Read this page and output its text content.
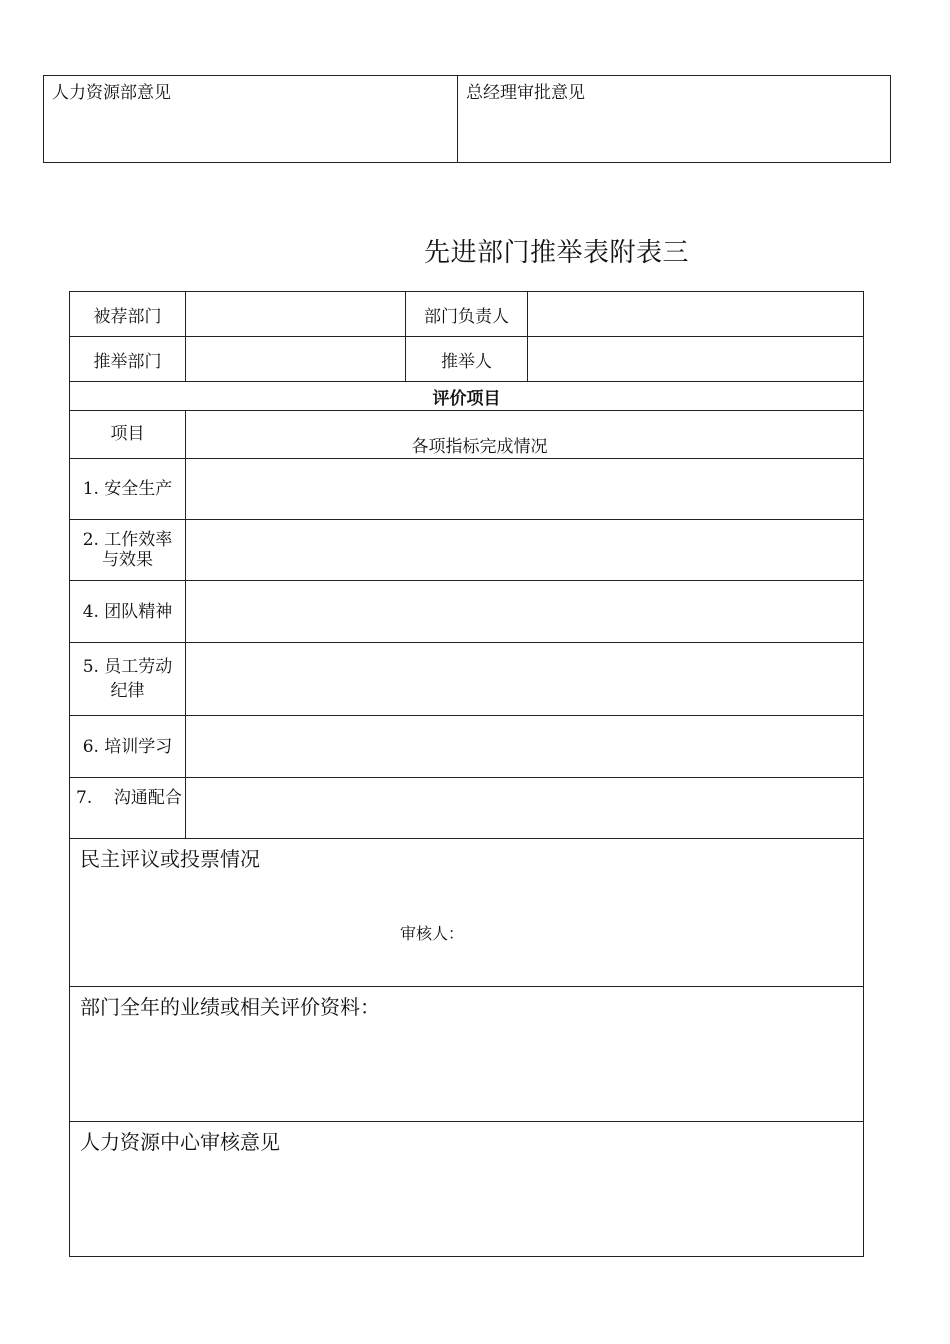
人力资源部意见	总经理审批意见
先进部门推举表附表三
被荐部门		部门负责人	
推举部门		推举人	
评价项目			
项目	各项指标完成情况		
1. 安全生产			
2. 工作效率与效果			
4. 团队精神			
5. 员工劳动纪律			
6. 培训学习			
7.    沟通配合			
民主评议或投票情况
审核人：			

部门全年的业绩或相关评价资料：			
人力资源中心审核意见			
